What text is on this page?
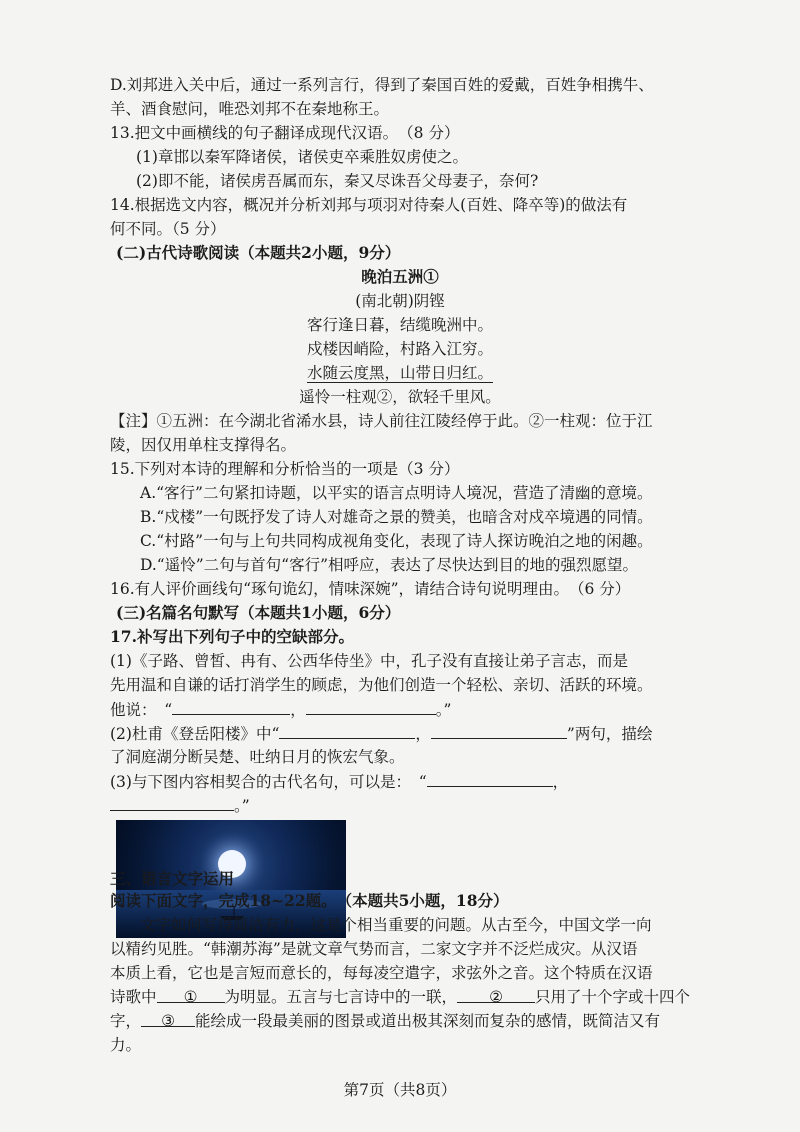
D.刘邦进入关中后，通过一系列言行，得到了秦国百姓的爱戴，百姓争相携牛、
羊、酒食慰问，唯恐刘邦不在秦地称王。
13.把文中画横线的句子翻译成现代汉语。　（8 分）
(1)章邯以秦军降诸侯，诸侯吏卒乘胜奴虏使之。
(2)即不能，诸侯虏吾属而东，秦又尽诛吾父母妻子，奈何?
14.根据选文内容，概况并分析刘邦与项羽对待秦人(百姓、降卒等)的做法有
何不同。（5 分）
(二)古代诗歌阅读（本题共2小题，9分）
晚泊五洲①
(南北朝)阴铿
客行逢日暮，结缆晚洲中。
戍楼因峭险，村路入江穷。
水随云度黑，山带日归红。
遥怜一柱观②，欲轻千里风。
【注】①五洲：在今湖北省浠水县，诗人前往江陵经停于此。②一柱观：位于江
陵，因仅用单柱支撑得名。
15.下列对本诗的理解和分析恰当的一项是（3 分）
A.“客行”二句紧扣诗题，以平实的语言点明诗人境况，营造了清幽的意境。
B.“戍楼”一句既抒发了诗人对雄奇之景的赞美，也暗含对戍卒境遇的同情。
C.“村路”一句与上句共同构成视角变化，表现了诗人探访晚泊之地的闲趣。
D.“遥怜”二句与首句“客行”相呼应，表达了尽快达到目的地的强烈愿望。
16.有人评价画线句“琢句诡幻，情味深婉”，请结合诗句说明理由。　（6 分）
(三)名篇名句默写（本题共1小题，6分）
17.补写出下列句子中的空缺部分。
(1)《子路、曾皙、冉有、公西华侍坐》中，孔子没有直接让弟子言志，而是
先用温和自谦的话打消学生的顾虑，为他们创造一个轻松、亲切、活跃的环境。
他说：　“	，	。”
(2)杜甫《登岳阳楼》中“	，	”两句，描绘
了洞庭湖分断吴楚、吐纳日月的恢宏气象。
(3)与下图内容相契合的古代名句，可以是：　“	，
。”
三、语言文字运用
阅读下面文字，完成18~22题。　（本题共5小题，18分）
文字如何写得简洁有力，这是个相当重要的问题。从古至今，中国文学一向
以精约见胜。“韩潮苏海”是就文章气势而言，二家文字并不泛烂成灾。从汉语
本质上看，它也是言短而意长的，每每凌空遣字，求弦外之音。这个特质在汉语
诗歌中 ① 为明显。五言与七言诗中的一联， ② 只用了十个字或十四个
字， ③ 能绘成一段最美丽的图景或道出极其深刻而复杂的感情，既简洁又有
力。
第7页（共8页）
